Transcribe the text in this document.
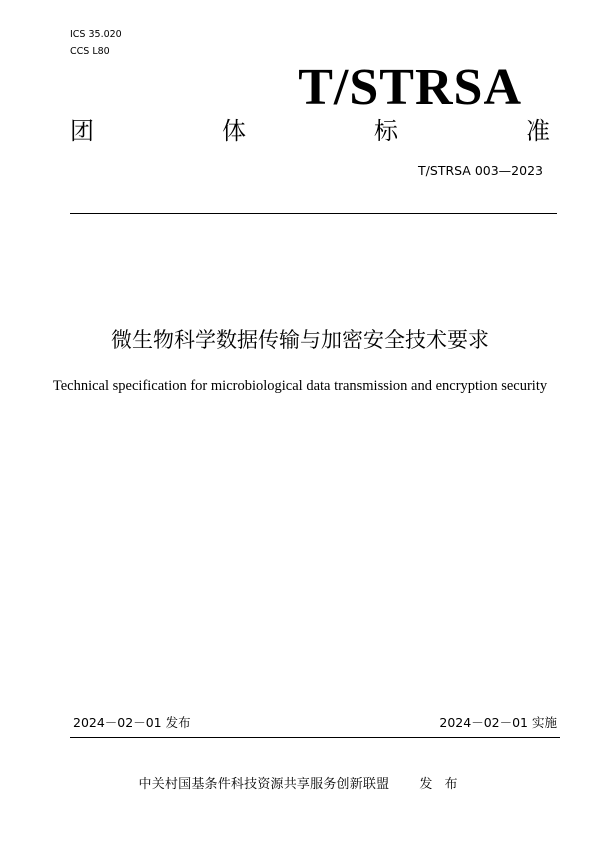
ICS 35.020
CCS L80
T/STRSA
团	体	标	准
T/STRSA 003—2023
微生物科学数据传输与加密安全技术要求
Technical specification for microbiological data transmission and encryption security
2024－02－01 发布	2024－02－01 实施
中关村国基条件科技资源共享服务创新联盟 发 布
